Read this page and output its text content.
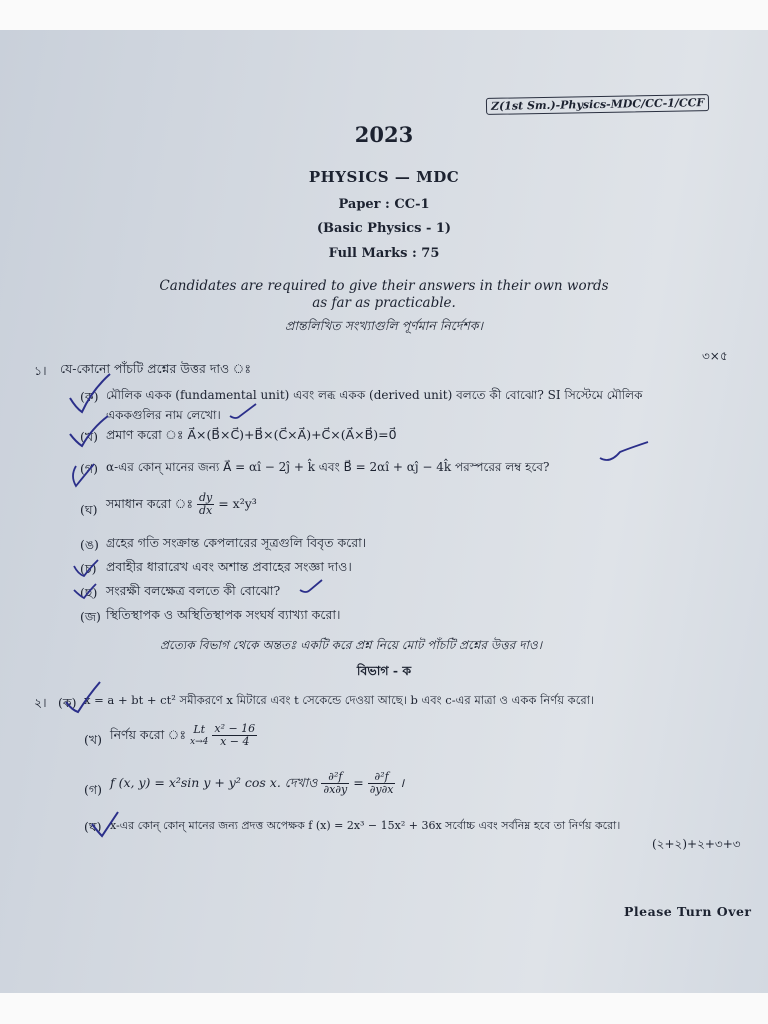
Z(1st Sm.)-Physics-MDC/CC-1/CCF
2023
PHYSICS — MDC
Paper : CC-1
(Basic Physics - 1)
Full Marks : 75
Candidates are required to give their answers in their own words
as far as practicable.
প্রান্তলিখিত সংখ্যাগুলি পূর্ণমান নির্দেশক।
১। যে-কোনো পাঁচটি প্রশ্নের উত্তর দাও ঃ
৩×৫
(ক) মৌলিক একক (fundamental unit) এবং লব্ধ একক (derived unit) বলতে কী বোঝো? SI সিস্টেমে মৌলিক
এককগুলির নাম লেখো।
(খ) প্রমাণ করো ঃ A⃗×(B⃗×C⃗)+B⃗×(C⃗×A⃗)+C⃗×(A⃗×B⃗)=0⃗
(গ) α-এর কোন্ মানের জন্য A⃗ = αî − 2ĵ + k̂ এবং B⃗ = 2αî + αĵ − 4k̂ পরস্পরের লম্ব হবে?
(ঘ) সমাধান করো ঃ $\frac{dy}{dx} = x^2y^3$
(ঙ) গ্রহের গতি সংক্রান্ত কেপলারের সূত্রগুলি বিবৃত করো।
(চ) প্রবাহীর ধারারেখ এবং অশান্ত প্রবাহের সংজ্ঞা দাও।
(ছ) সংরক্ষী বলক্ষেত্র বলতে কী বোঝো?
(জ) স্থিতিস্থাপক ও অস্থিতিস্থাপক সংঘর্ষ ব্যাখ্যা করো।
প্রত্যেক বিভাগ থেকে অন্ততঃ একটি করে প্রশ্ন নিয়ে মোট পাঁচটি প্রশ্নের উত্তর দাও।
বিভাগ - ক
২। (ক) x = a + bt + ct² সমীকরণে x মিটারে এবং t সেকেন্ডে দেওয়া আছে। b এবং c-এর মাত্রা ও একক নির্ণয় করো।
(খ) নির্ণয় করো ঃ Lt
x→4
$\frac{\text{x² − 16}}{x - 4}$
(গ) f (x, y) = x²sin y + y² cos x. দেখাও $\frac{\text{∂²f}}{\partial x\partial y} = \frac{\text{∂²f}}{\partial y\partial x}$ ।
(ঘ) x-এর কোন্ কোন্ মানের জন্য প্রদত্ত অপেক্ষক f (x) = 2x³ − 15x² + 36x সর্বোচ্চ এবং সর্বনিম্ন হবে তা নির্ণয় করো।
(২+২)+২+৩+৩
Please Turn Over
